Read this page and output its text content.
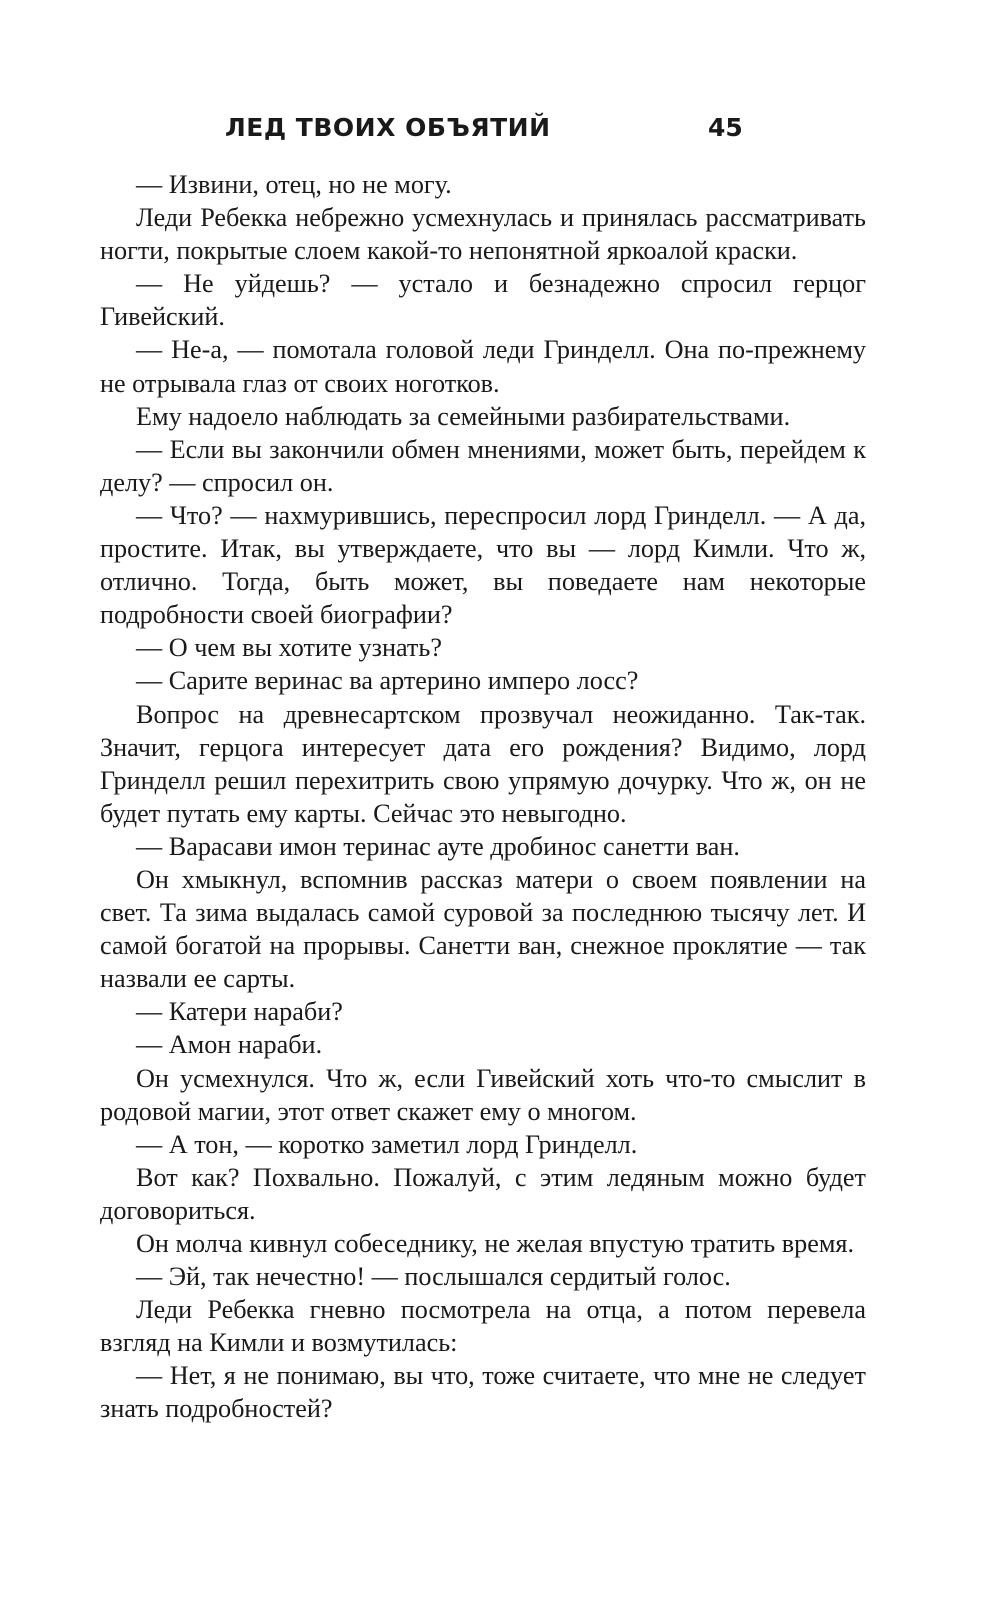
ЛЕД ТВОИХ ОБЪЯТИЙ	45

— Извини, отец, но не могу.

Леди Ребекка небрежно усмехнулась и принялась рассматривать ногти, покрытые слоем какой-то непонятной яркоалой краски.

— Не уйдешь? — устало и безнадежно спросил герцог Гивейский.

— Не-а, — помотала головой леди Гринделл. Она по-прежнему не отрывала глаз от своих ноготков.

Ему надоело наблюдать за семейными разбирательствами.

— Если вы закончили обмен мнениями, может быть, перейдем к делу? — спросил он.

— Что? — нахмурившись, переспросил лорд Гринделл. — А да, простите. Итак, вы утверждаете, что вы — лорд Кимли. Что ж, отлично. Тогда, быть может, вы поведаете нам некоторые подробности своей биографии?

— О чем вы хотите узнать?

— Сарите веринас ва артерино имперо лосс?

Вопрос на древнесартском прозвучал неожиданно. Так-так. Значит, герцога интересует дата его рождения? Видимо, лорд Гринделл решил перехитрить свою упрямую дочурку. Что ж, он не будет путать ему карты. Сейчас это невыгодно.

— Варасави имон теринас ауте дробинос санетти ван.

Он хмыкнул, вспомнив рассказ матери о своем появлении на свет. Та зима выдалась самой суровой за последнюю тысячу лет. И самой богатой на прорывы. Санетти ван, снежное проклятие — так назвали ее сарты.

— Катери нараби?

— Амон нараби.

Он усмехнулся. Что ж, если Гивейский хоть что-то смыслит в родовой магии, этот ответ скажет ему о многом.

— А тон, — коротко заметил лорд Гринделл.

Вот как? Похвально. Пожалуй, с этим ледяным можно будет договориться.

Он молча кивнул собеседнику, не желая впустую тратить время.

— Эй, так нечестно! — послышался сердитый голос.

Леди Ребекка гневно посмотрела на отца, а потом перевела взгляд на Кимли и возмутилась:

— Нет, я не понимаю, вы что, тоже считаете, что мне не следует знать подробностей?
